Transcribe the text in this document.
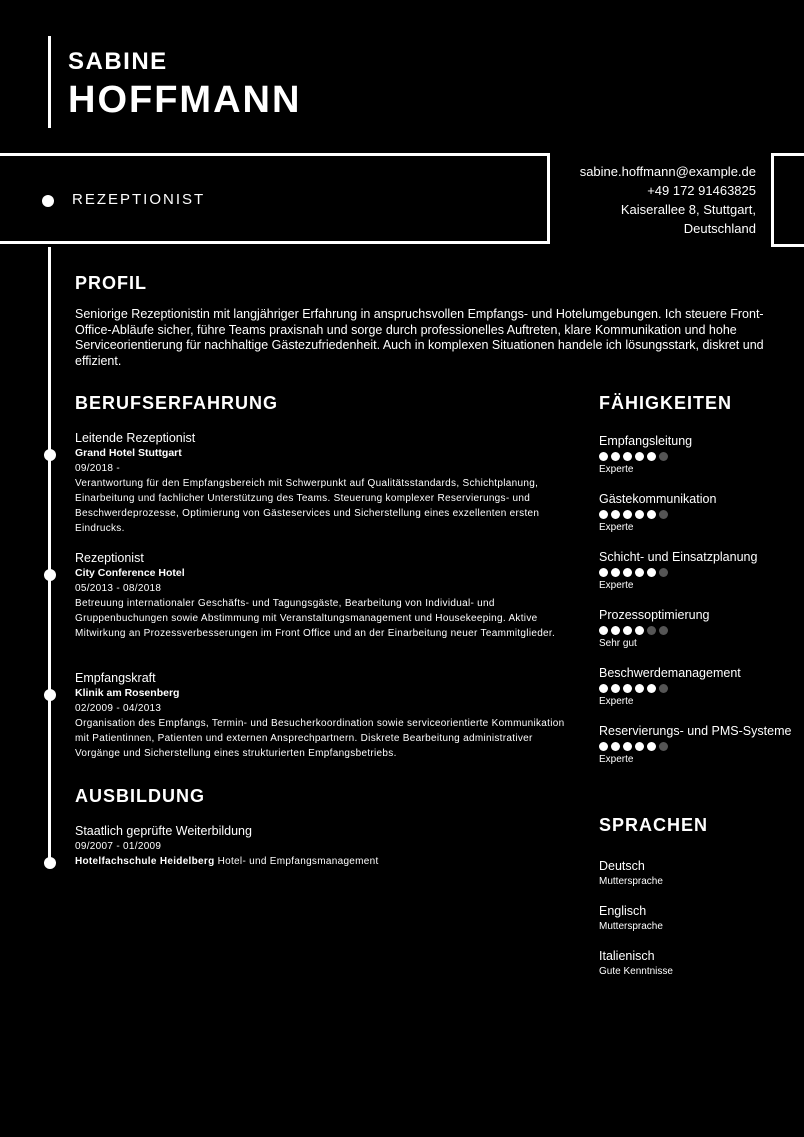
SABINE
HOFFMANN
REZEPTIONIST
sabine.hoffmann@example.de
+49 172 91463825
Kaiserallee 8, Stuttgart,
Deutschland
PROFIL
Seniorige Rezeptionistin mit langjähriger Erfahrung in anspruchsvollen Empfangs- und Hotelumgebungen. Ich steuere Front-Office-Abläufe sicher, führe Teams praxisnah und sorge durch professionelles Auftreten, klare Kommunikation und hohe Serviceorientierung für nachhaltige Gästezufriedenheit. Auch in komplexen Situationen handele ich lösungsstark, diskret und effizient.
BERUFSERFAHRUNG
Leitende Rezeptionist
Grand Hotel Stuttgart
09/2018 -
Verantwortung für den Empfangsbereich mit Schwerpunkt auf Qualitätsstandards, Schichtplanung, Einarbeitung und fachlicher Unterstützung des Teams. Steuerung komplexer Reservierungs- und Beschwerdeprozesse, Optimierung von Gästeservices und Sicherstellung eines exzellenten ersten Eindrucks.
Rezeptionist
City Conference Hotel
05/2013 - 08/2018
Betreuung internationaler Geschäfts- und Tagungsgäste, Bearbeitung von Individual- und Gruppenbuchungen sowie Abstimmung mit Veranstaltungsmanagement und Housekeeping. Aktive Mitwirkung an Prozessverbesserungen im Front Office und an der Einarbeitung neuer Teammitglieder.
Empfangskraft
Klinik am Rosenberg
02/2009 - 04/2013
Organisation des Empfangs, Termin- und Besucherkoordination sowie serviceorientierte Kommunikation mit Patientinnen, Patienten und externen Ansprechpartnern. Diskrete Bearbeitung administrativer Vorgänge und Sicherstellung eines strukturierten Empfangsbetriebs.
AUSBILDUNG
Staatlich geprüfte Weiterbildung
09/2007 - 01/2009
Hotelfachschule Heidelberg Hotel- und Empfangsmanagement
FÄHIGKEITEN
Empfangsleitung
Experte
Gästekommunikation
Experte
Schicht- und Einsatzplanung
Experte
Prozessoptimierung
Sehr gut
Beschwerdemanagement
Experte
Reservierungs- und PMS-Systeme
Experte
SPRACHEN
Deutsch
Muttersprache
Englisch
Muttersprache
Italienisch
Gute Kenntnisse
